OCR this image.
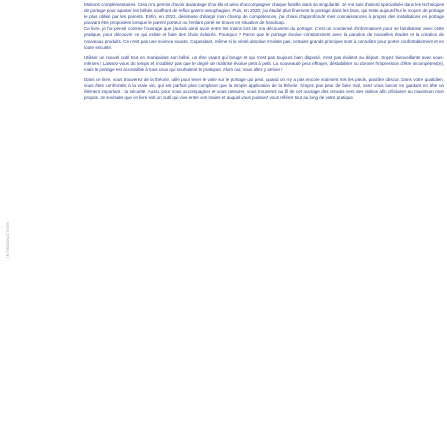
INTRODUCTION

Motions complémentaires. Cela m'a permis d'avoir davantage d'ou-tils et ainsi d'accompagner chaque famille dans sa singularité. Je me suis d'abord spécialisée dans les techniques de portage pour apaiser les bébés souffrant de reflux gastro-œsophagien. Puis, en 2020, j'ai étudié plus finement le portage dans les bras, qui reste aujourd'hui le moyen de portage le plus utilisé par les parents. Enfin, en 2022, désireuse d'élargir mon champ de compétences, j'ai choisi d'approfondir mes connaissances à propos des installations en portage pouvant être proposées lorsque le parent porteur ou l'enfant porté se trouve en situation de handicap.

Ce livre, je l'ai pensé comme l'ouvrage que j'aurais aimé avoir entre les mains lors de ma découverte du portage. C'est un condensé d'informations pour se familiariser avec cette pratique, pour découvrir ce qui existe et faire des choix éclairés. Pourquoi ? Parce que le portage évolue constamment avec la parution de nouvelles études et la création de nouveaux produits. Ce n'est pas une science exacte. Cependant, même si la vérité absolue n'existe pas, certains grands principes sont à connaître pour porter confortablement et en toute sécurité.

Utiliser un nouvel outil tout en manipulant son bébé, un être vivant qui bouge et qui n'est pas toujours bien disposé, n'est pas évident au départ. Soyez bienveillants avec vous-mêmes ! Laissez-vous du temps et n'oubliez pas que le degré de maîtrise évolue petit à petit. La nouveauté peut effrayer, déstabiliser ou donner l'impression d'être incompétent(e), mais le portage est accessible à tous ceux qui souhaitent le pratiquer. Alors oui, vous allez y arriver !

Dans ce livre, vous trouverez de la théorie, utile pour lever le voile sur le portage qui peut, quand on n'y a pas encore vraiment mis les pieds, paraître obscur. Dans votre quotidien, vous êtes confrontés à la vraie vie, qui est parfois plus complexe que la simple application de la théorie. N'ayez pas peur de faire mal, osez vous lancer en gardant en tête un élément important : la sécurité. Aussi, pour vous accompagner et vous rassurer, vous trouverez au fil de cet ouvrage des renvois vers des vidéos afin d'éclairer au maximum mon propos. Je souhaite que ce livre soit un outil qui vive entre vos mains et auquel vous puissiez vous référer tout au long de votre pratique.
